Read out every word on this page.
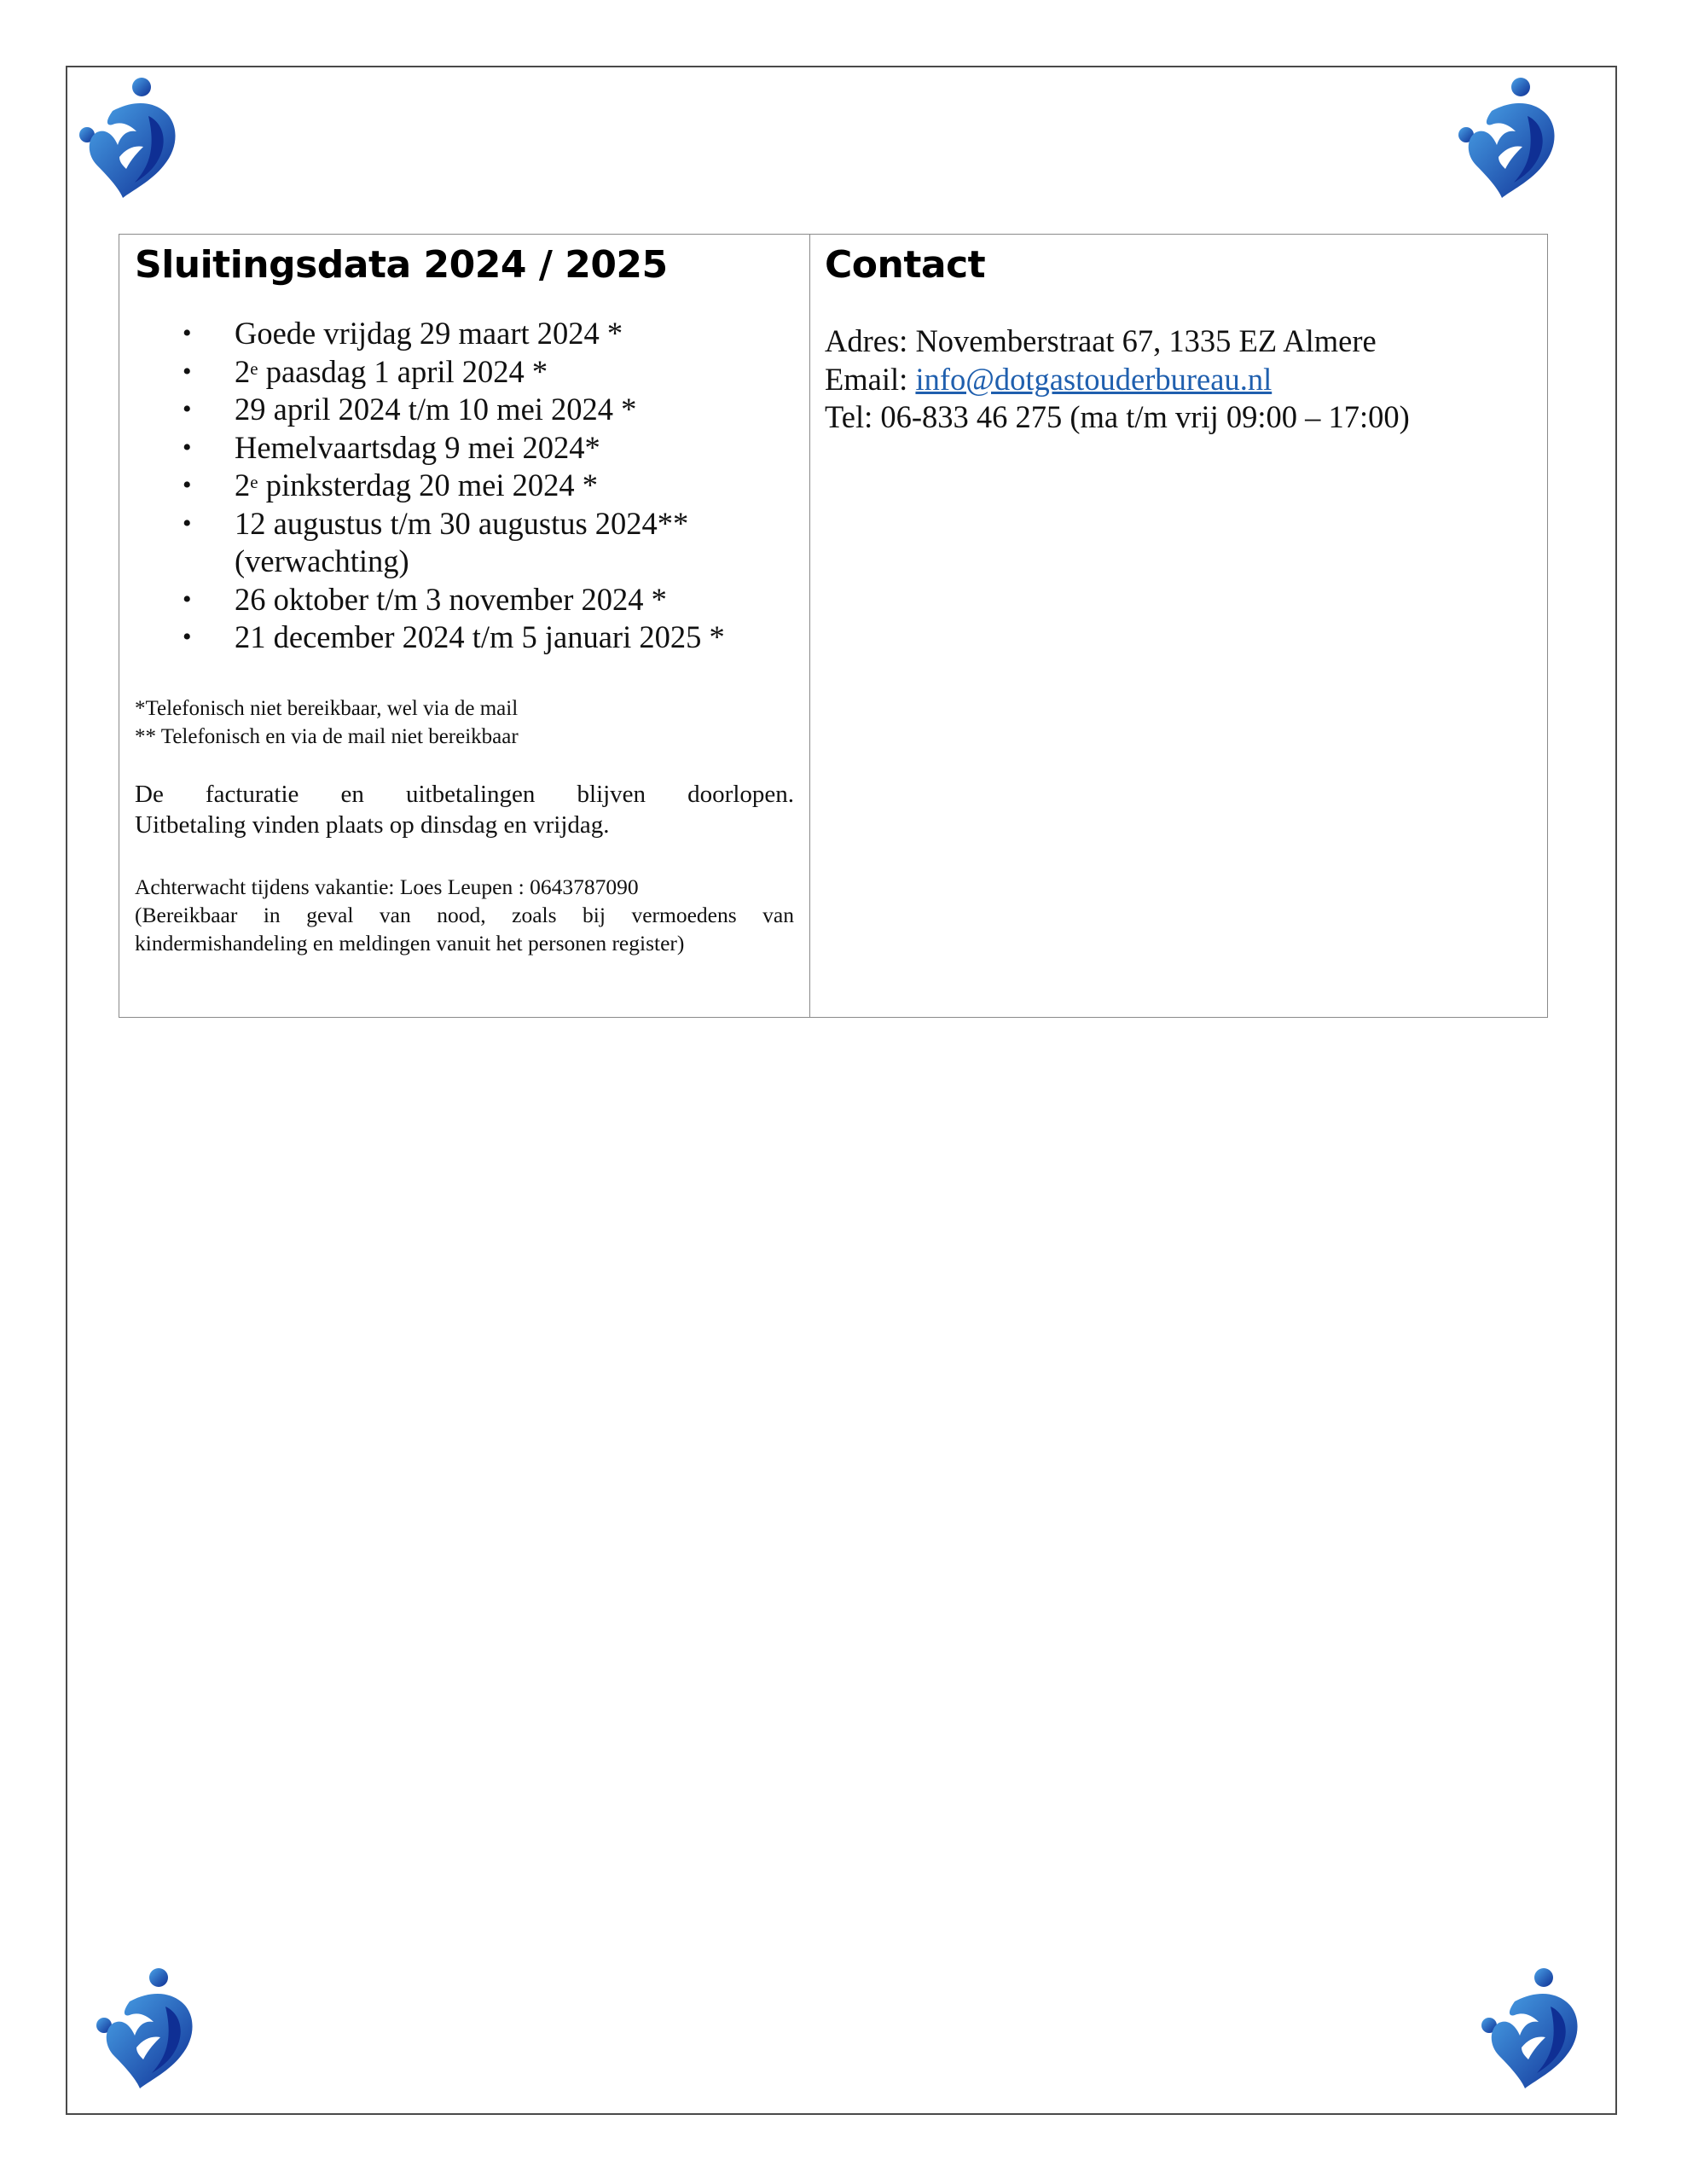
Sluitingsdata 2024 / 2025
• Goede vrijdag 29 maart 2024 *
• 2e paasdag 1 april 2024 *
• 29 april 2024 t/m 10 mei 2024 *
• Hemelvaartsdag 9 mei 2024*
• 2e pinksterdag 20 mei 2024 *
• 12 augustus t/m 30 augustus 2024**
(verwachting)
• 26 oktober t/m 3 november 2024 *
• 21 december 2024 t/m 5 januari 2025 *
*Telefonisch niet bereikbaar, wel via de mail
** Telefonisch en via de mail niet bereikbaar
De facturatie en uitbetalingen blijven doorlopen.
Uitbetaling vinden plaats op dinsdag en vrijdag.
Achterwacht tijdens vakantie: Loes Leupen : 0643787090
(Bereikbaar in geval van nood, zoals bij vermoedens van
kindermishandeling en meldingen vanuit het personen register)
Contact
Adres: Novemberstraat 67, 1335 EZ Almere
Email: info@dotgastouderbureau.nl
Tel: 06-833 46 275 (ma t/m vrij 09:00 – 17:00)
